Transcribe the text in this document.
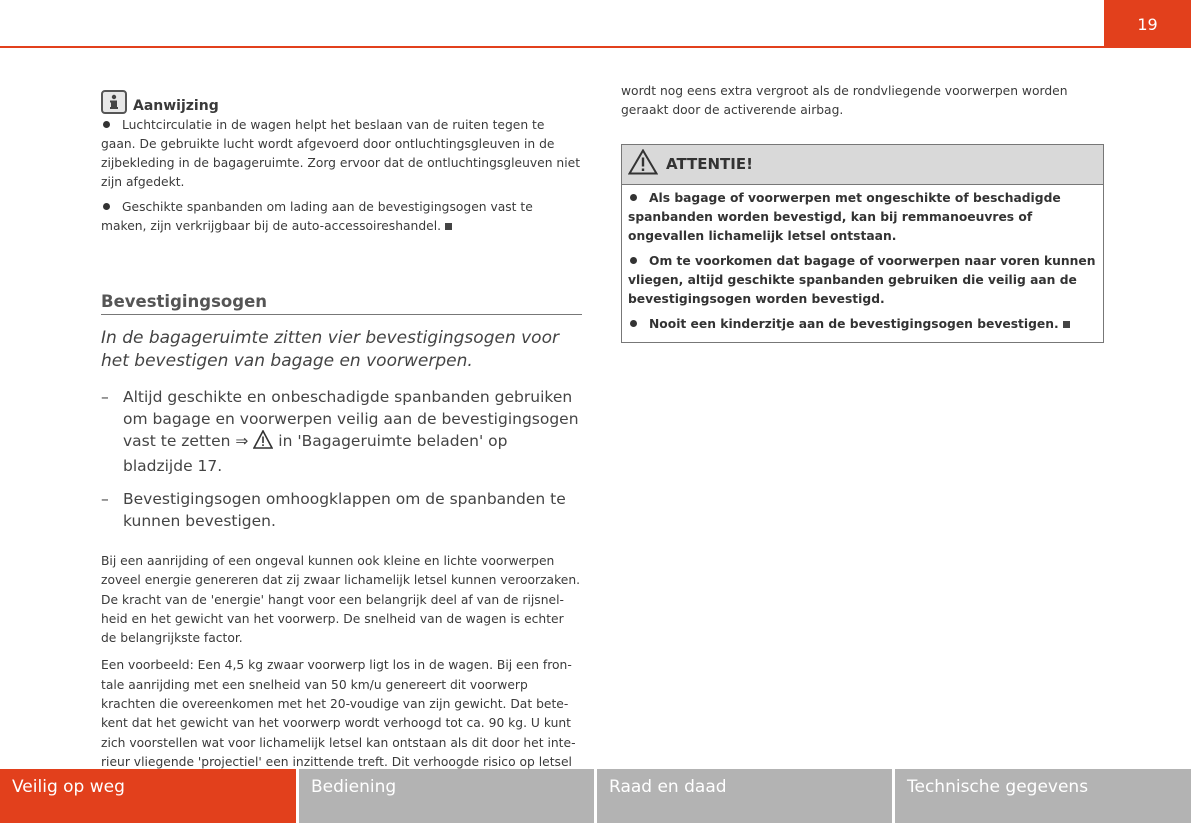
19
Aanwijzing

Luchtcirculatie in de wagen helpt het beslaan van de ruiten tegen te gaan. De gebruikte lucht wordt afgevoerd door ontluchtingsgleuven in de zijbekleding in de bagageruimte. Zorg ervoor dat de ontluchtingsgleuven niet zijn afgedekt.

Geschikte spanbanden om lading aan de bevestigingsogen vast te maken, zijn verkrijgbaar bij de auto-accessoireshandel.

Bevestigingsogen
In de bagageruimte zitten vier bevestigingsogen voor het bevestigen van bagage en voorwerpen.
– Altijd geschikte en onbeschadigde spanbanden gebruiken om bagage en voorwerpen veilig aan de bevestigingsogen vast te zetten ⇒ in 'Bagageruimte beladen' op bladzijde 17.
– Bevestigingsogen omhoogklappen om de spanbanden te kunnen bevestigen.

Bij een aanrijding of een ongeval kunnen ook kleine en lichte voorwerpen zoveel energie genereren dat zij zwaar lichamelijk letsel kunnen veroorzaken. De kracht van de 'energie' hangt voor een belangrijk deel af van de rijsnelheid en het gewicht van het voorwerp. De snelheid van de wagen is echter de belangrijkste factor.

Een voorbeeld: Een 4,5 kg zwaar voorwerp ligt los in de wagen. Bij een frontale aanrijding met een snelheid van 50 km/u genereert dit voorwerp krachten die overeenkomen met het 20-voudige van zijn gewicht. Dat betekent dat het gewicht van het voorwerp wordt verhoogd tot ca. 90 kg. U kunt zich voorstellen wat voor lichamelijk letsel kan ontstaan als dit door het interieur vliegende 'projectiel' een inzittende treft. Dit verhoogde risico op letsel

wordt nog eens extra vergroot als de rondvliegende voorwerpen worden geraakt door de activerende airbag.

ATTENTIE!

Als bagage of voorwerpen met ongeschikte of beschadigde spanbanden worden bevestigd, kan bij remmanoeuvres of ongevallen lichamelijk letsel ontstaan.

Om te voorkomen dat bagage of voorwerpen naar voren kunnen vliegen, altijd geschikte spanbanden gebruiken die veilig aan de bevestigingsogen worden bevestigd.

Nooit een kinderzitje aan de bevestigingsogen bevestigen.

Veilig op weg	Bediening	Raad en daad	Technische gegevens
